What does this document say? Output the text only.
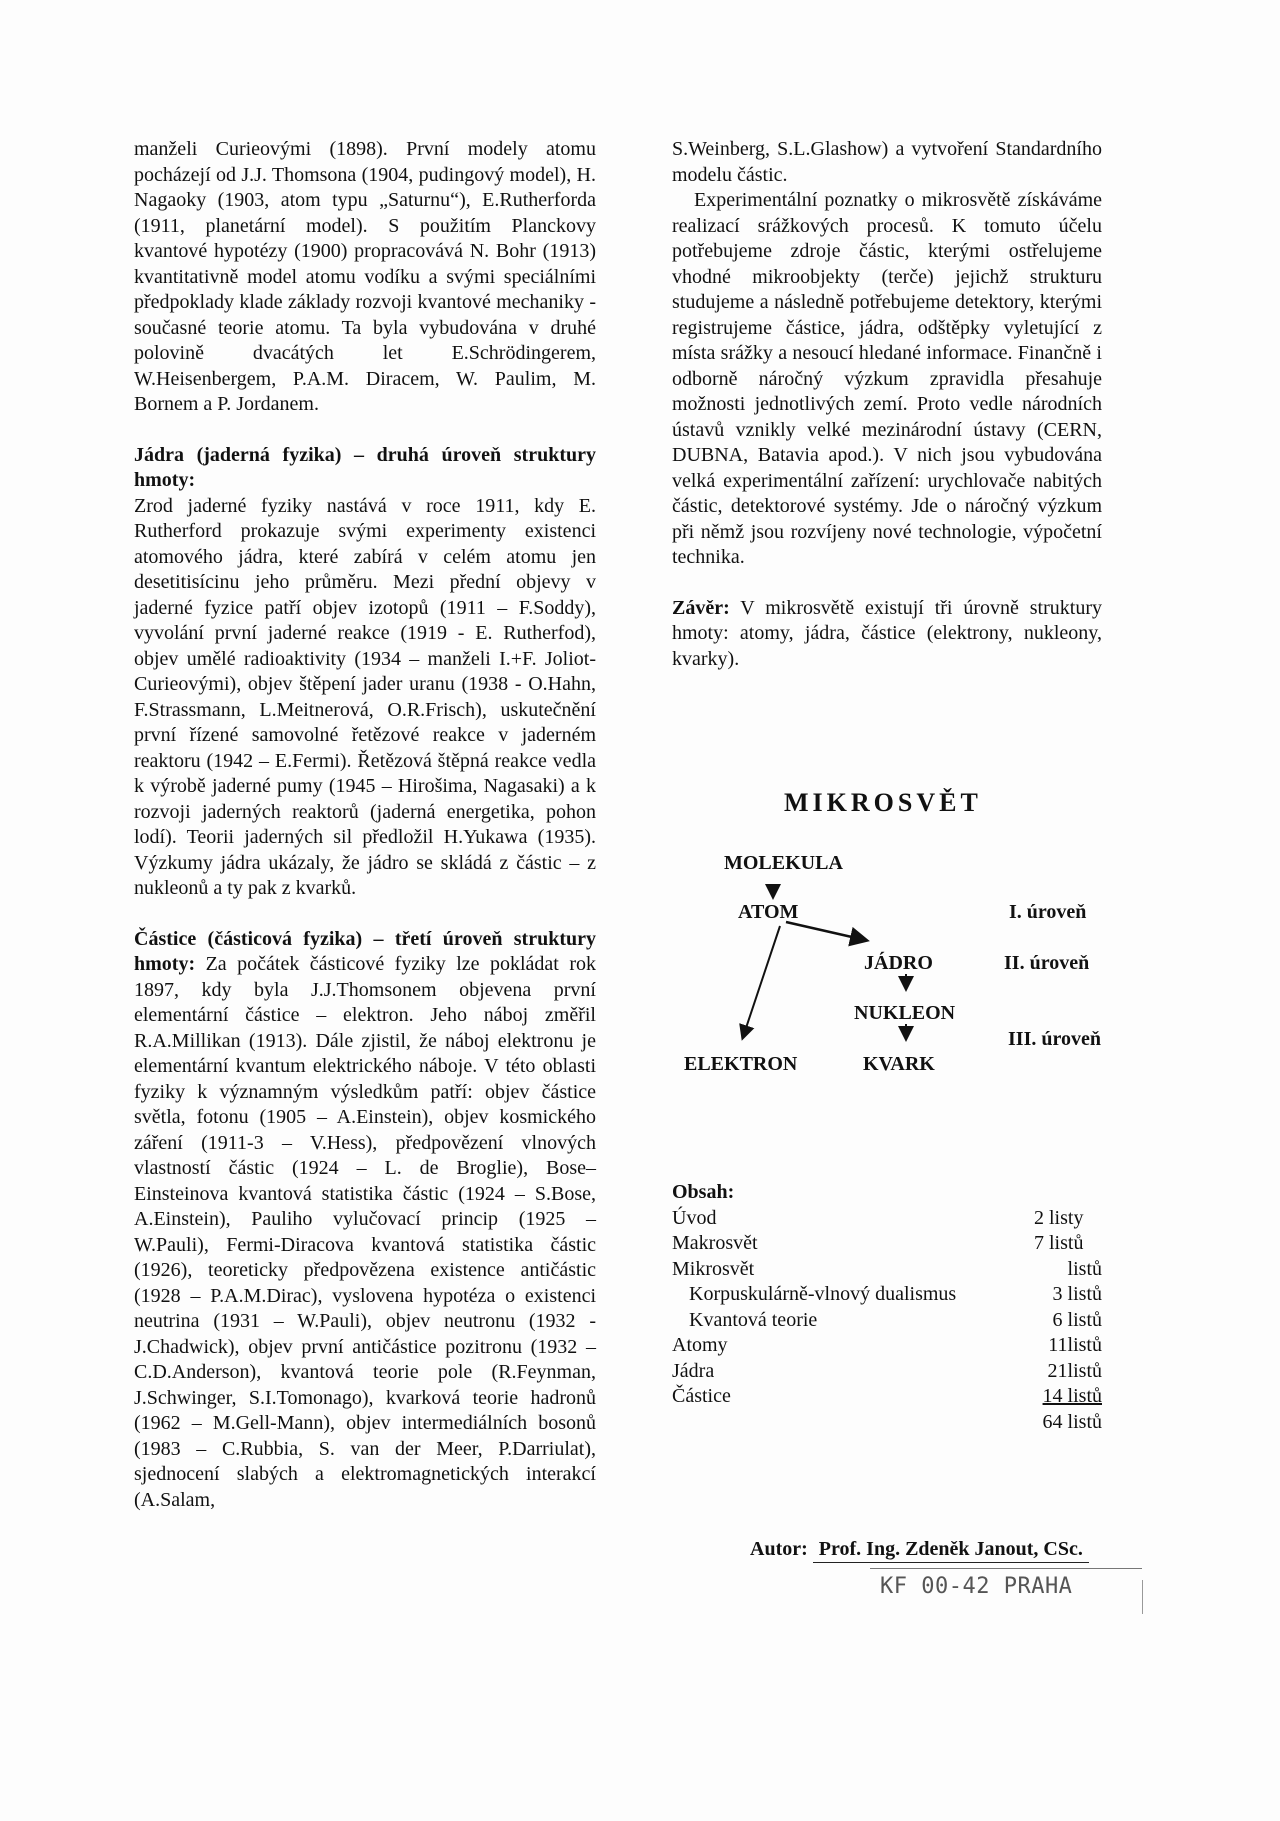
manželi Curieovými (1898). První modely atomu pocházejí od J.J. Thomsona (1904, pudingový model), H. Nagaoky (1903, atom typu „Saturnu“), E.Rutherforda (1911, planetární model). S použitím Planckovy kvantové hypotézy (1900) propracovává N. Bohr (1913) kvantitativně model atomu vodíku a svými speciálními předpoklady klade základy rozvoji kvantové mechaniky - současné teorie atomu. Ta byla vybudována v druhé polovině dvacátých let E.Schrödingerem, W.Heisenbergem, P.A.M. Diracem, W. Paulim, M. Bornem a P. Jordanem.

Jádra (jaderná fyzika) – druhá úroveň struktury hmoty:

Zrod jaderné fyziky nastává v roce 1911, kdy E. Rutherford prokazuje svými experimenty existenci atomového jádra, které zabírá v celém atomu jen desetitisícinu jeho průměru. Mezi přední objevy v jaderné fyzice patří objev izotopů (1911 – F.Soddy), vyvolání první jaderné reakce (1919 - E. Rutherfod), objev umělé radioaktivity (1934 – manželi I.+F. Joliot-Curieovými), objev štěpení jader uranu (1938 - O.Hahn, F.Strassmann, L.Meitnerová, O.R.Frisch), uskutečnění první řízené samovolné řetězové reakce v jaderném reaktoru (1942 – E.Fermi). Řetězová štěpná reakce vedla k výrobě jaderné pumy (1945 – Hirošima, Nagasaki) a k rozvoji jaderných reaktorů (jaderná energetika, pohon lodí). Teorii jaderných sil předložil H.Yukawa (1935). Výzkumy jádra ukázaly, že jádro se skládá z částic – z nukleonů a ty pak z kvarků.

Částice (částicová fyzika) – třetí úroveň struktury hmoty: Za počátek částicové fyziky lze pokládat rok 1897, kdy byla J.J.Thomsonem objevena první elementární částice – elektron. Jeho náboj změřil R.A.Millikan (1913). Dále zjistil, že náboj elektronu je elementární kvantum elektrického náboje. V této oblasti fyziky k významným výsledkům patří: objev částice světla, fotonu (1905 – A.Einstein), objev kosmického záření (1911-3 – V.Hess), předpovězení vlnových vlastností částic (1924 – L. de Broglie), Bose–Einsteinova kvantová statistika částic (1924 – S.Bose, A.Einstein), Pauliho vylučovací princip (1925 – W.Pauli), Fermi-Diracova kvantová statistika částic (1926), teoreticky předpovězena existence antičástic (1928 – P.A.M.Dirac), vyslovena hypotéza o existenci neutrina (1931 – W.Pauli), objev neutronu (1932 - J.Chadwick), objev první antičástice pozitronu (1932 – C.D.Anderson), kvantová teorie pole (R.Feynman, J.Schwinger, S.I.Tomonago), kvarková teorie hadronů (1962 – M.Gell-Mann), objev intermediálních bosonů (1983 – C.Rubbia, S. van der Meer, P.Darriulat), sjednocení slabých a elektromagnetických interakcí (A.Salam,

S.Weinberg, S.L.Glashow) a vytvoření Standardního modelu částic.

Experimentální poznatky o mikrosvětě získáváme realizací srážkových procesů. K tomuto účelu potřebujeme zdroje částic, kterými ostřelujeme vhodné mikroobjekty (terče) jejichž strukturu studujeme a následně potřebujeme detektory, kterými registrujeme částice, jádra, odštěpky vyletující z místa srážky a nesoucí hledané informace. Finančně i odborně náročný výzkum zpravidla přesahuje možnosti jednotlivých zemí. Proto vedle národních ústavů vznikly velké mezinárodní ústavy (CERN, DUBNA, Batavia apod.). V nich jsou vybudována velká experimentální zařízení: urychlovače nabitých částic, detektorové systémy. Jde o náročný výzkum při němž jsou rozvíjeny nové technologie, výpočetní technika.

Závěr: V mikrosvětě existují tři úrovně struktury hmoty: atomy, jádra, částice (elektrony, nukleony, kvarky).

MIKROSVĚT
MOLEKULA
ATOM
JÁDRO
NUKLEON
ELEKTRON	KVARK
I. úroveň
II. úroveň
III. úroveň
Obsah:
Úvod	2 listy
Makrosvět	7 listů
Mikrosvět	listů
Korpuskulárně-vlnový dualismus	3 listů
Kvantová teorie	6 listů
Atomy	11listů
Jádra	21listů
Částice	14 listů
64 listů
Autor: Prof. Ing. Zdeněk Janout, CSc.
KF 00-42 PRAHA
